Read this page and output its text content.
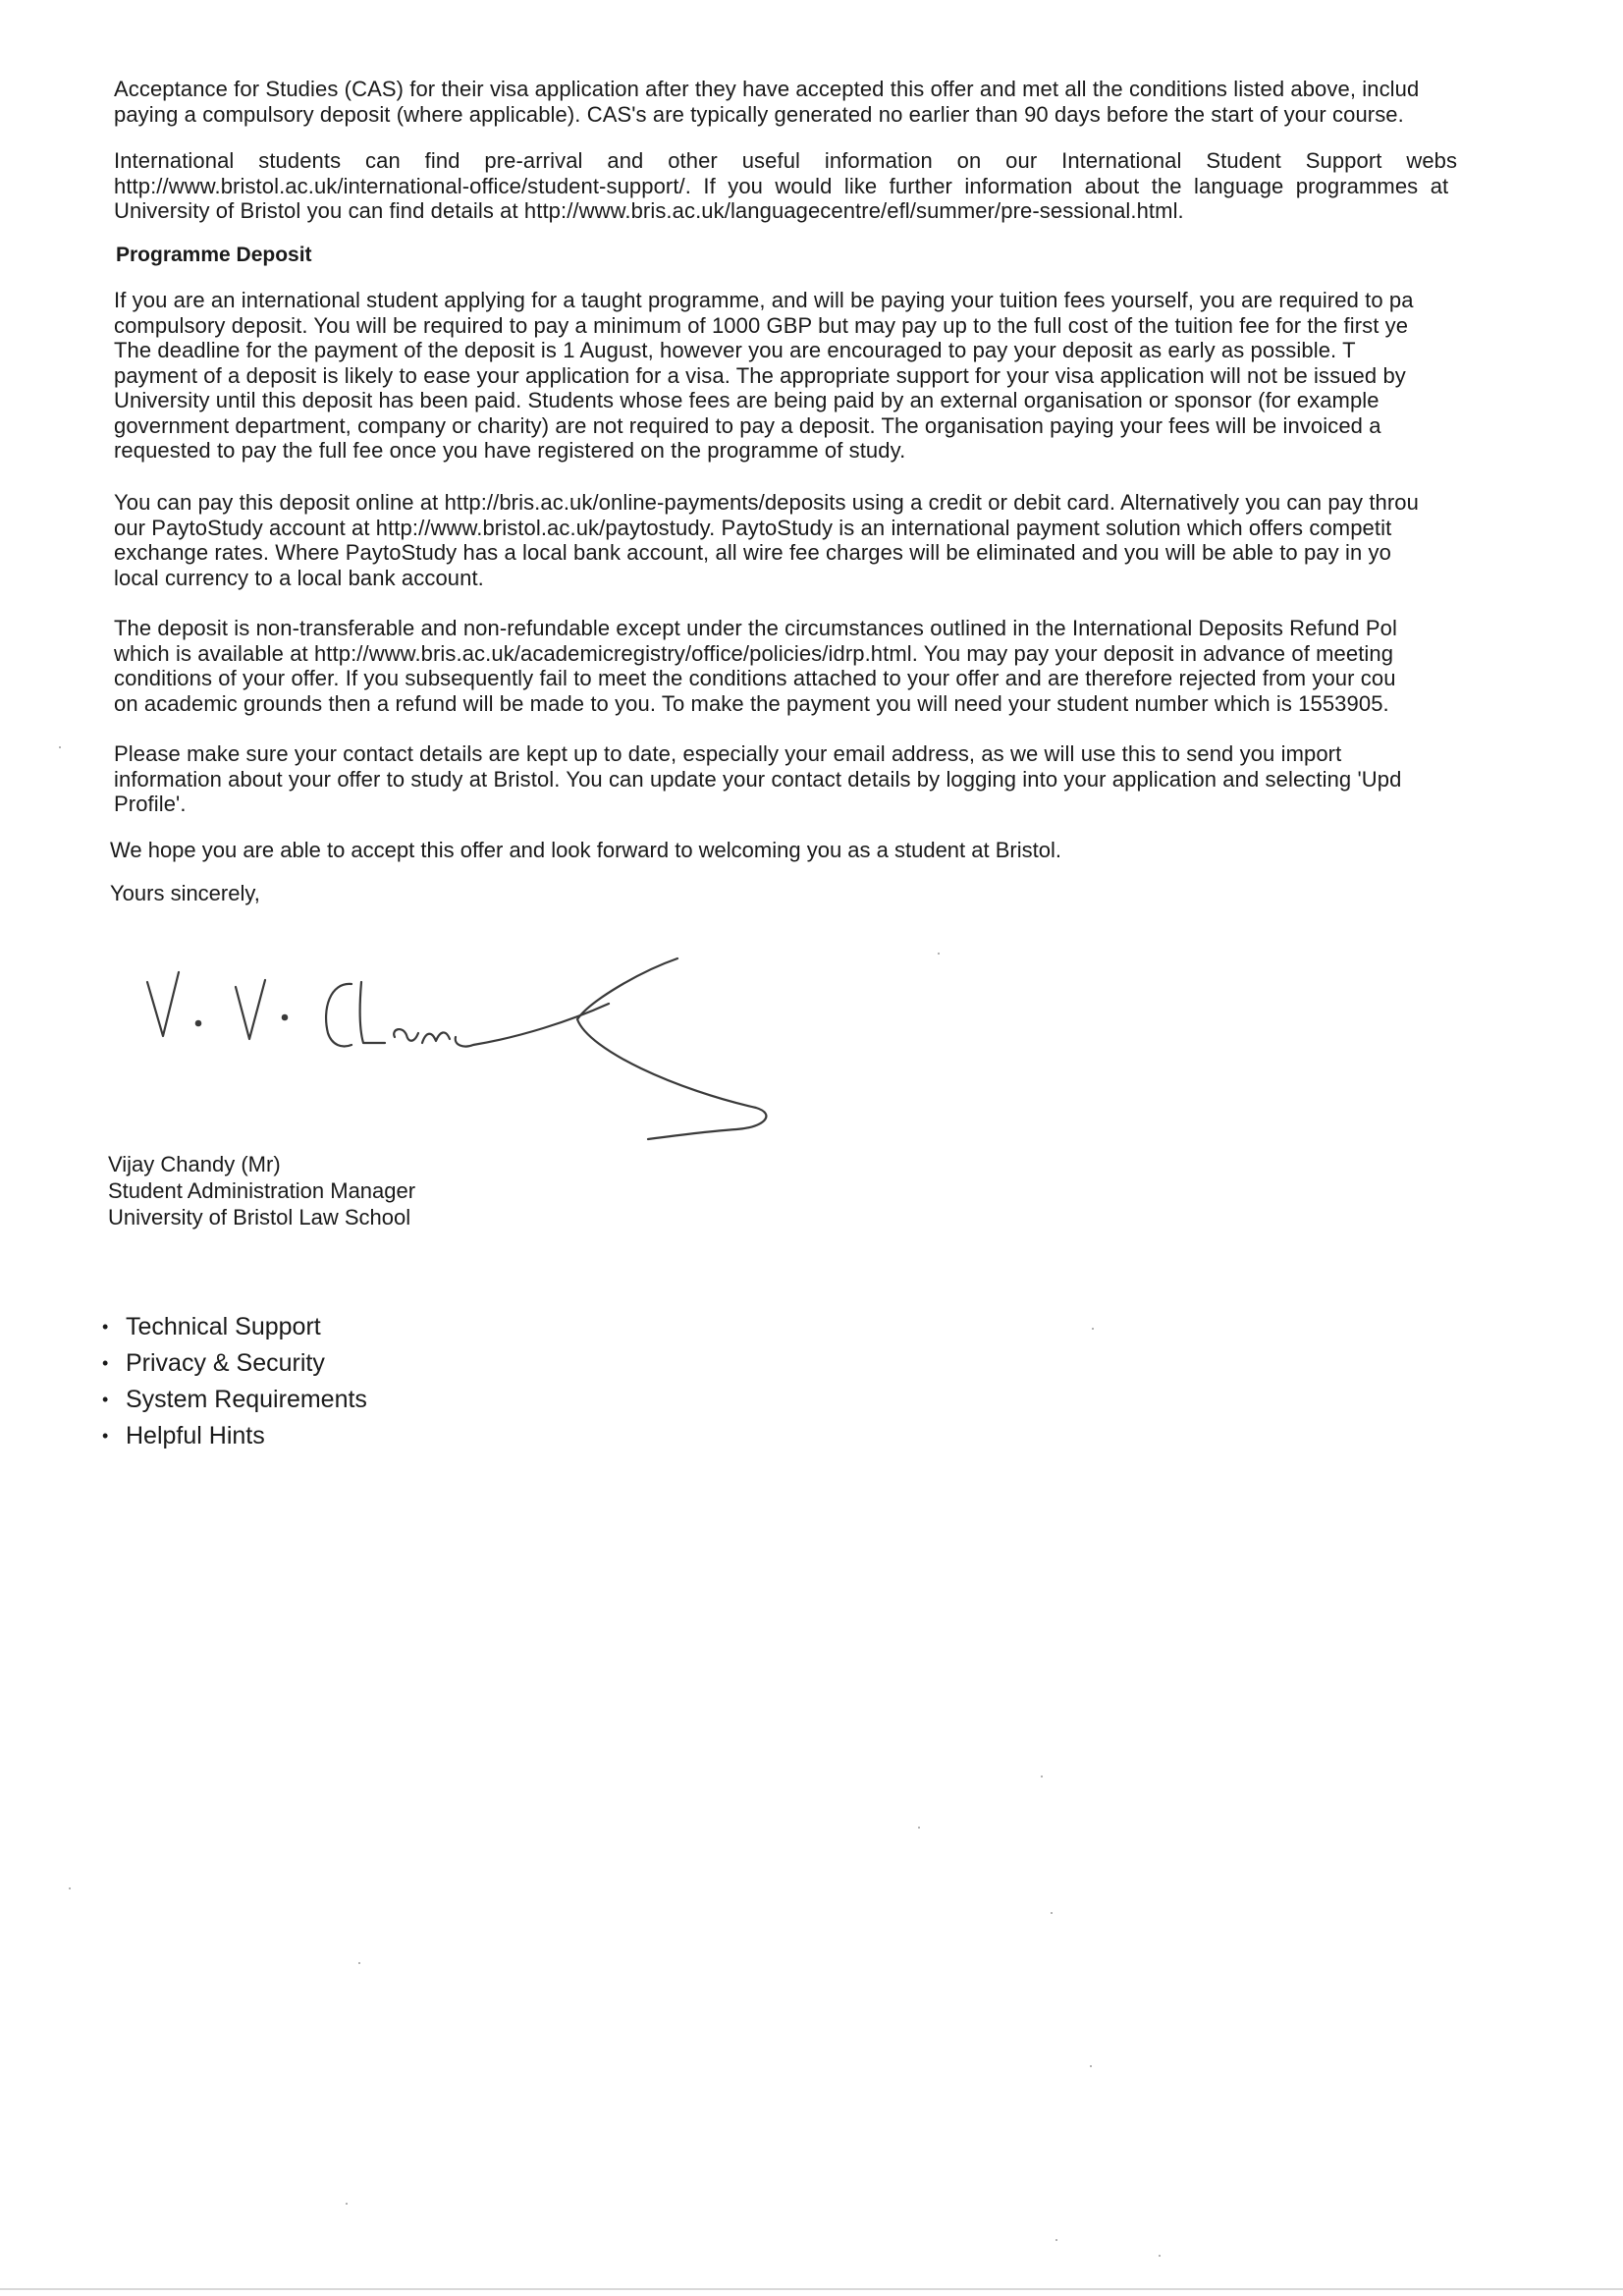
Acceptance for Studies (CAS) for their visa application after they have accepted this offer and met all the conditions listed above, includ
paying a compulsory deposit (where applicable). CAS's are typically generated no earlier than 90 days before the start of your course.
International    students    can    find    pre-arrival    and    other    useful    information    on    our    International    Student    Support    webs
http://www.bristol.ac.uk/international-office/student-support/.  If  you  would  like  further  information  about  the  language  programmes  at
University of Bristol you can find details at http://www.bris.ac.uk/languagecentre/efl/summer/pre-sessional.html.
Programme Deposit
If you are an international student applying for a taught programme, and will be paying your tuition fees yourself, you are required to pa
compulsory deposit. You will be required to pay a minimum of 1000 GBP but may pay up to the full cost of the tuition fee for the first ye
The deadline for the payment of the deposit is 1 August, however you are encouraged to pay your deposit as early as possible. T
payment of a deposit is likely to ease your application for a visa. The appropriate support for your visa application will not be issued by
University until this deposit has been paid. Students whose fees are being paid by an external organisation or sponsor (for example
government department, company or charity) are not required to pay a deposit. The organisation paying your fees will be invoiced a
requested to pay the full fee once you have registered on the programme of study.
You can pay this deposit online at http://bris.ac.uk/online-payments/deposits using a credit or debit card. Alternatively you can pay throu
our PaytoStudy account at http://www.bristol.ac.uk/paytostudy. PaytoStudy is an international payment solution which offers competit
exchange rates. Where PaytoStudy has a local bank account, all wire fee charges will be eliminated and you will be able to pay in yo
local currency to a local bank account.
The deposit is non-transferable and non-refundable except under the circumstances outlined in the International Deposits Refund Pol
which is available at http://www.bris.ac.uk/academicregistry/office/policies/idrp.html. You may pay your deposit in advance of meeting
conditions of your offer. If you subsequently fail to meet the conditions attached to your offer and are therefore rejected from your cou
on academic grounds then a refund will be made to you. To make the payment you will need your student number which is 1553905.
Please make sure your contact details are kept up to date, especially your email address, as we will use this to send you import
information about your offer to study at Bristol. You can update your contact details by logging into your application and selecting 'Upd
Profile'.
We hope you are able to accept this offer and look forward to welcoming you as a student at Bristol.
Yours sincerely,
Vijay Chandy (Mr)
Student Administration Manager
University of Bristol Law School
• Technical Support
• Privacy & Security
• System Requirements
• Helpful Hints
